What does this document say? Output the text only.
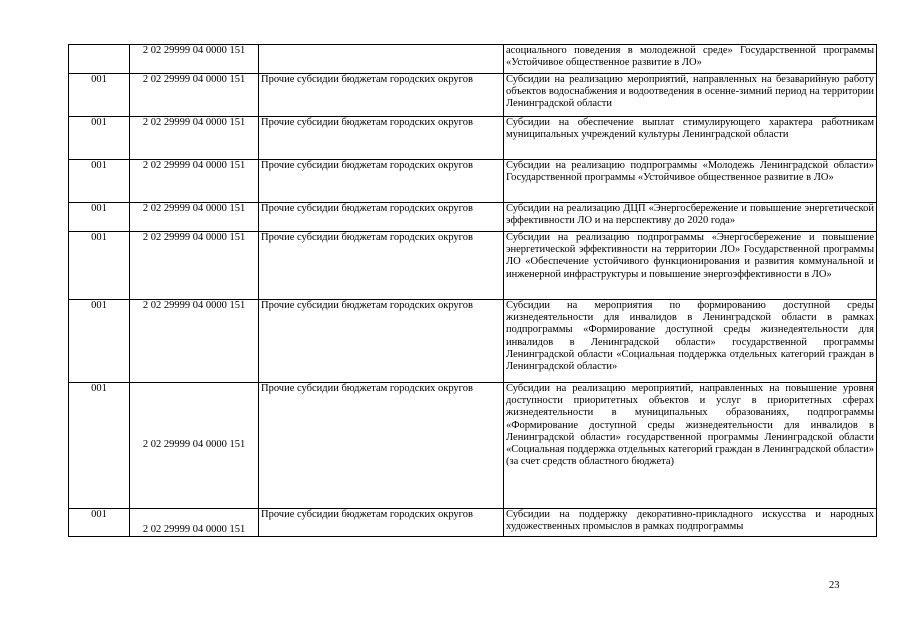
	2 02 29999 04 0000 151		асоциального поведения в молодежной среде» Государственной программы «Устойчивое общественное развитие в ЛО»
001	2 02 29999 04 0000 151	Прочие субсидии бюджетам городских округов	Субсидии на реализацию мероприятий, направленных на безаварийную работу объектов водоснабжения и водоотведения в осенне-зимний период на территории Ленинградской области
001	2 02 29999 04 0000 151	Прочие субсидии бюджетам городских округов	Субсидии на обеспечение выплат стимулирующего характера работникам муниципальных учреждений культуры Ленинградской области
001	2 02 29999 04 0000 151	Прочие субсидии бюджетам городских округов	Субсидии на реализацию подпрограммы «Молодежь Ленинградской области» Государственной программы «Устойчивое общественное развитие в ЛО»
001	2 02 29999 04 0000 151	Прочие субсидии бюджетам городских округов	Субсидии на реализацию ДЦП «Энергосбережение и повышение энергетической эффективности ЛО и на перспективу до 2020 года»
001	2 02 29999 04 0000 151	Прочие субсидии бюджетам городских округов	Субсидии на реализацию подпрограммы «Энергосбережение и повышение энергетической эффективности на территории ЛО» Государственной программы ЛО «Обеспечение устойчивого функционирования и развития коммунальной и инженерной инфраструктуры и повышение энергоэффективности в ЛО»
001	2 02 29999 04 0000 151	Прочие субсидии бюджетам городских округов	Субсидии на мероприятия по формированию доступной среды жизнедеятельности для инвалидов в Ленинградской области в рамках подпрограммы «Формирование доступной среды жизнедеятельности для инвалидов в Ленинградской области» государственной программы Ленинградской области «Социальная поддержка отдельных категорий граждан в Ленинградской области»
001	2 02 29999 04 0000 151	Прочие субсидии бюджетам городских округов	Субсидии на реализацию мероприятий, направленных на повышение уровня доступности приоритетных объектов и услуг в приоритетных сферах жизнедеятельности в муниципальных образованиях, подпрограммы «Формирование доступной среды жизнедеятельности для инвалидов в Ленинградской области» государственной программы Ленинградской области «Социальная поддержка отдельных категорий граждан в Ленинградской области» (за счет средств областного бюджета)
001	2 02 29999 04 0000 151	Прочие субсидии бюджетам городских округов	Субсидии на поддержку декоративно-прикладного искусства и народных художественных промыслов в рамках подпрограммы
23
